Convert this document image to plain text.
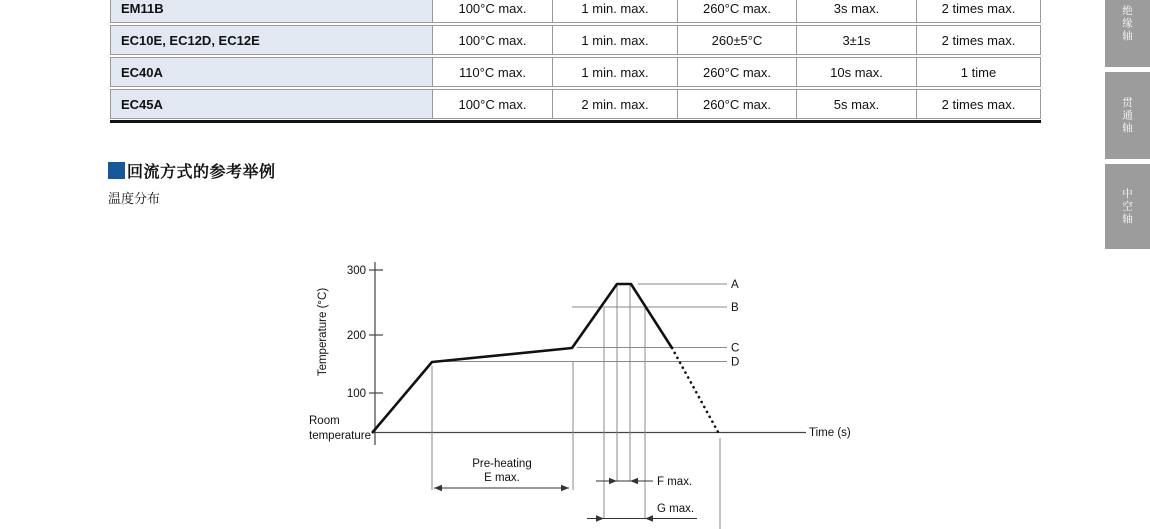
EM11B	100°C max.	1 min. max.	260°C max.	3s max.	2 times max.
EC10E, EC12D, EC12E	100°C max.	1 min. max.	260±5°C	3±1s	2 times max.
EC40A	110°C max.	1 min. max.	260°C max.	10s max.	1 time
EC45A	100°C max.	2 min. max.	260°C max.	5s max.	2 times max.
回流方式的参考举例
温度分布
300
200
100
Temperature (°C)
Room
temperature	Time (s)
A
B
C
D
Pre-heating
E max.	F max.
G max.
绝缘轴
贯通轴
中空轴
